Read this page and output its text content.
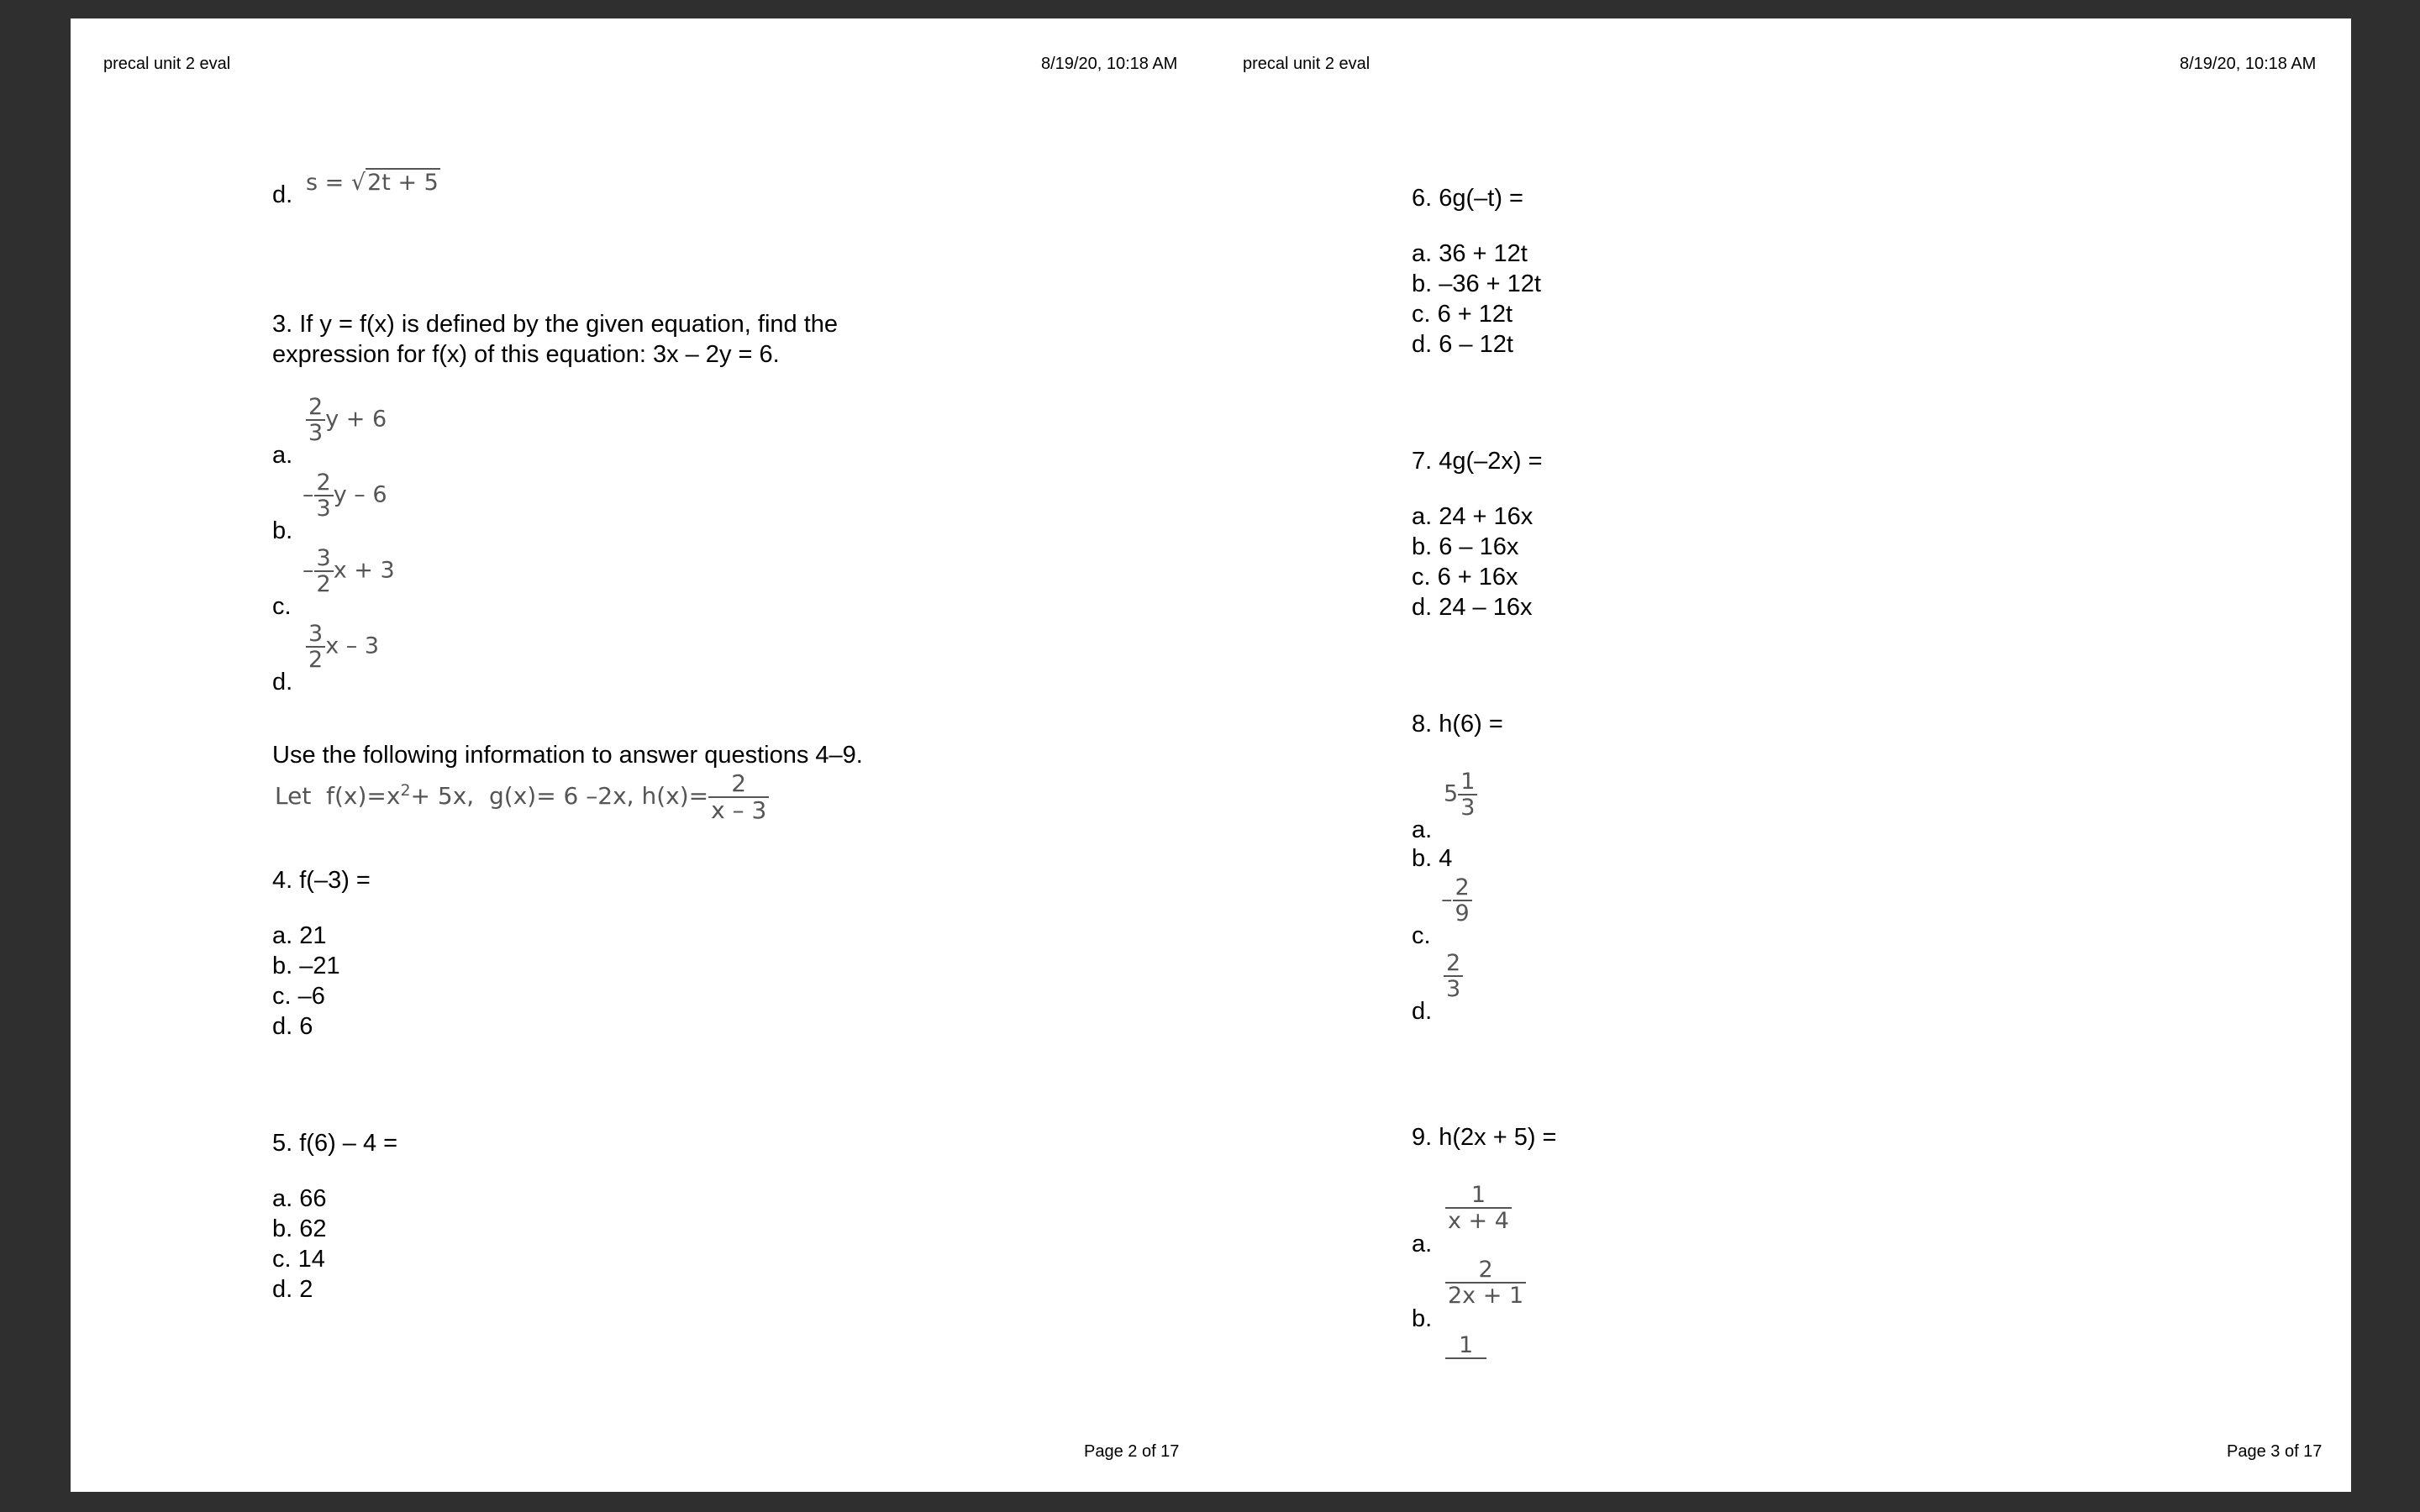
precal unit 2 eval	8/19/20, 10:18 AM
d. s = √2t + 5
3. If y = f(x) is defined by the given equation, find the
expression for f(x) of this equation: 3x – 2y = 6.
a.
$\frac{2}{3}$ y + 6
b.
– $\frac{2}{3}$ y – 6
c.
– $\frac{3}{2}$ x + 3
d.
$\frac{3}{2}$ x – 3
Use the following information to answer questions 4–9.
Let $f(x)=x^2+ 5x$, g(x)= 6 –2x, $h(x)= \frac{2}{x - 3}$
4. f(–3) =
a. 21
b. –21
c. –6
d. 6
5. f(6) – 4 =
a. 66
b. 62
c. 14
d. 2
Page 2 of 17
precal unit 2 eval	8/19/20, 10:18 AM
6. 6g(–t) =
a. 36 + 12t
b. –36 + 12t
c. 6 + 12t
d. 6 – 12t
7. 4g(–2x) =
a. 24 + 16x
b. 6 – 16x
c. 6 + 16x
d. 24 – 16x
8. h(6) =
a.
$5 \frac{1}{3}$
b. 4
c.
– $\frac{2}{9}$
d.
$\frac{2}{3}$
9. h(2x + 5) =
a.
$\frac{1}{x + 4}$
b.
$\frac{2}{2x + 1}$
1
Page 3 of 17
